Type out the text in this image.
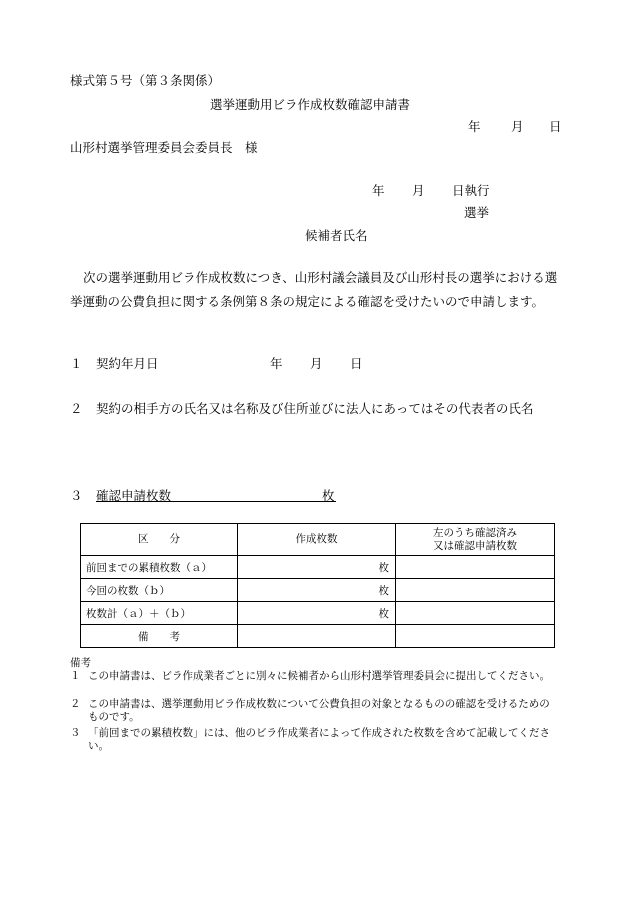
様式第５号（第３条関係）
選挙運動用ビラ作成枚数確認申請書
年 月 日
山形村選挙管理委員会委員長　様
年 月 日執行
選挙
候補者氏名
次の選挙運動用ビラ作成枚数につき、山形村議会議員及び山形村長の選挙における選挙運動の公費負担に関する条例第８条の規定による確認を受けたいので申請します。
１ 契約年月日	年 月 日
２ 契約の相手方の氏名又は名称及び住所並びに法人にあってはその代表者の氏名
３ 確認申請枚数	枚
区　　分	作成枚数	左のうち確認済み
又は確認申請枚数
前回までの累積枚数（ａ）	枚	
今回の枚数（ｂ）	枚	
枚数計（ａ）＋（ｂ）	枚	
備　　考		
備考
１ この申請書は、ビラ作成業者ごとに別々に候補者から山形村選挙管理委員会に提出してください。
２ この申請書は、選挙運動用ビラ作成枚数について公費負担の対象となるものの確認を受けるためのものです。
３ 「前回までの累積枚数」には、他のビラ作成業者によって作成された枚数を含めて記載してください。
